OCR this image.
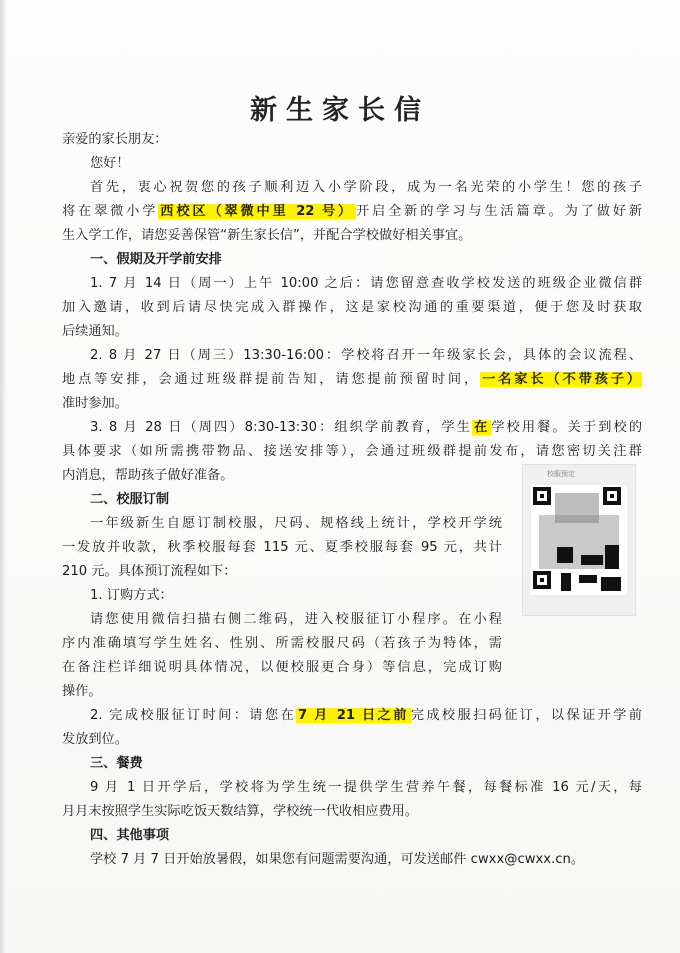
新生家长信
亲爱的家长朋友：
您好！
首先，衷心祝贺您的孩子顺利迈入小学阶段，成为一名光荣的小学生！您的孩子
将在翠微小学 西校区（翠微中里 22 号） 开启全新的学习与生活篇章。为了做好新
生入学工作，请您妥善保管“新生家长信”，并配合学校做好相关事宜。
一、假期及开学前安排
1. 7 月 14 日（周一）上午 10:00 之后：请您留意查收学校发送的班级企业微信群
加入邀请，收到后请尽快完成入群操作，这是家校沟通的重要渠道，便于您及时获取
后续通知。
2. 8 月 27 日（周三）13:30-16:00：学校将召开一年级家长会，具体的会议流程、
地点等安排，会通过班级群提前告知，请您提前预留时间， 一名家长（不带孩子）
准时参加。
3. 8 月 28 日（周四）8:30-13:30：组织学前教育，学生 在 学校用餐。关于到校的
具体要求（如所需携带物品、接送安排等），会通过班级群提前发布，请您密切关注群
内消息，帮助孩子做好准备。
二、校服订制
一年级新生自愿订制校服，尺码、规格线上统计，学校开学统
一发放并收款，秋季校服每套 115 元、夏季校服每套 95 元，共计
210 元。具体预订流程如下：
1. 订购方式：
请您使用微信扫描右侧二维码，进入校服征订小程序。在小程
序内准确填写学生姓名、性别、所需校服尺码（若孩子为特体，需
在备注栏详细说明具体情况，以便校服更合身）等信息，完成订购
操作。
2. 完成校服征订时间：请您在 7 月 21 日之前 完成校服扫码征订，以保证开学前
发放到位。
校服预定
三、餐费
9 月 1 日开学后，学校将为学生统一提供学生营养午餐，每餐标准 16 元/天，每
月月末按照学生实际吃饭天数结算，学校统一代收相应费用。
四、其他事项
学校 7 月 7 日开始放暑假，如果您有问题需要沟通，可发送邮件 cwxx@cwxx.cn。
